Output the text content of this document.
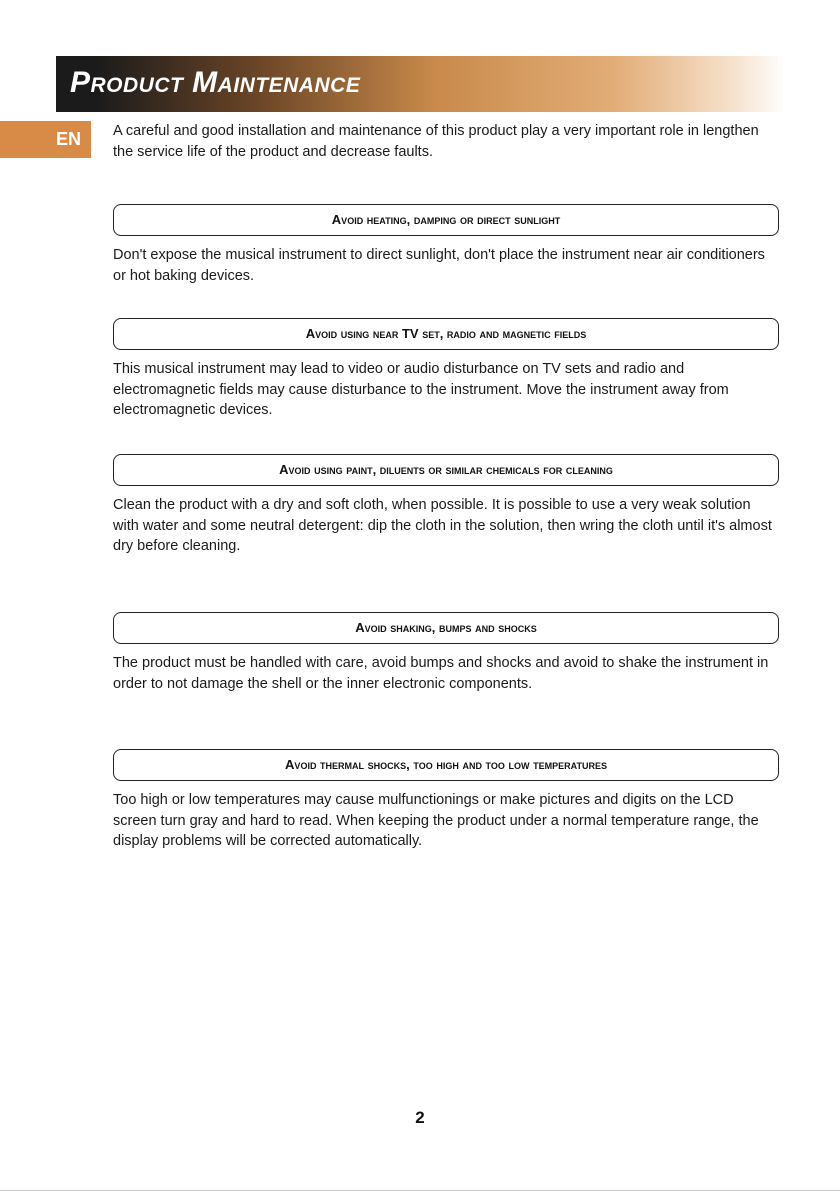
Product Maintenance
EN A careful and good installation and maintenance of this product play a very important role in lengthen the service life of the product and decrease faults.

Avoid heating, damping or direct sunlight

Don't expose the musical instrument to direct sunlight, don't place the instrument near air conditioners or hot baking devices.

Avoid using near TV set, radio and magnetic fields

This musical instrument may lead to video or audio disturbance on TV sets and radio and electromagnetic fields may cause disturbance to the instrument. Move the instrument away from electromagnetic devices.

Avoid using paint, diluents or similar chemicals for cleaning

Clean the product with a dry and soft cloth, when possible. It is possible to use a very weak solution with water and some neutral detergent: dip the cloth in the solution, then wring the cloth until it's almost dry before cleaning.

Avoid shaking, bumps and shocks

The product must be handled with care, avoid bumps and shocks and avoid to shake the instrument in order to not damage the shell or the inner electronic components.

Avoid thermal shocks, too high and too low temperatures

Too high or low temperatures may cause mulfunctionings or make pictures and digits on the LCD screen turn gray and hard to read. When keeping the product under a normal temperature range, the display problems will be corrected automatically.

2
